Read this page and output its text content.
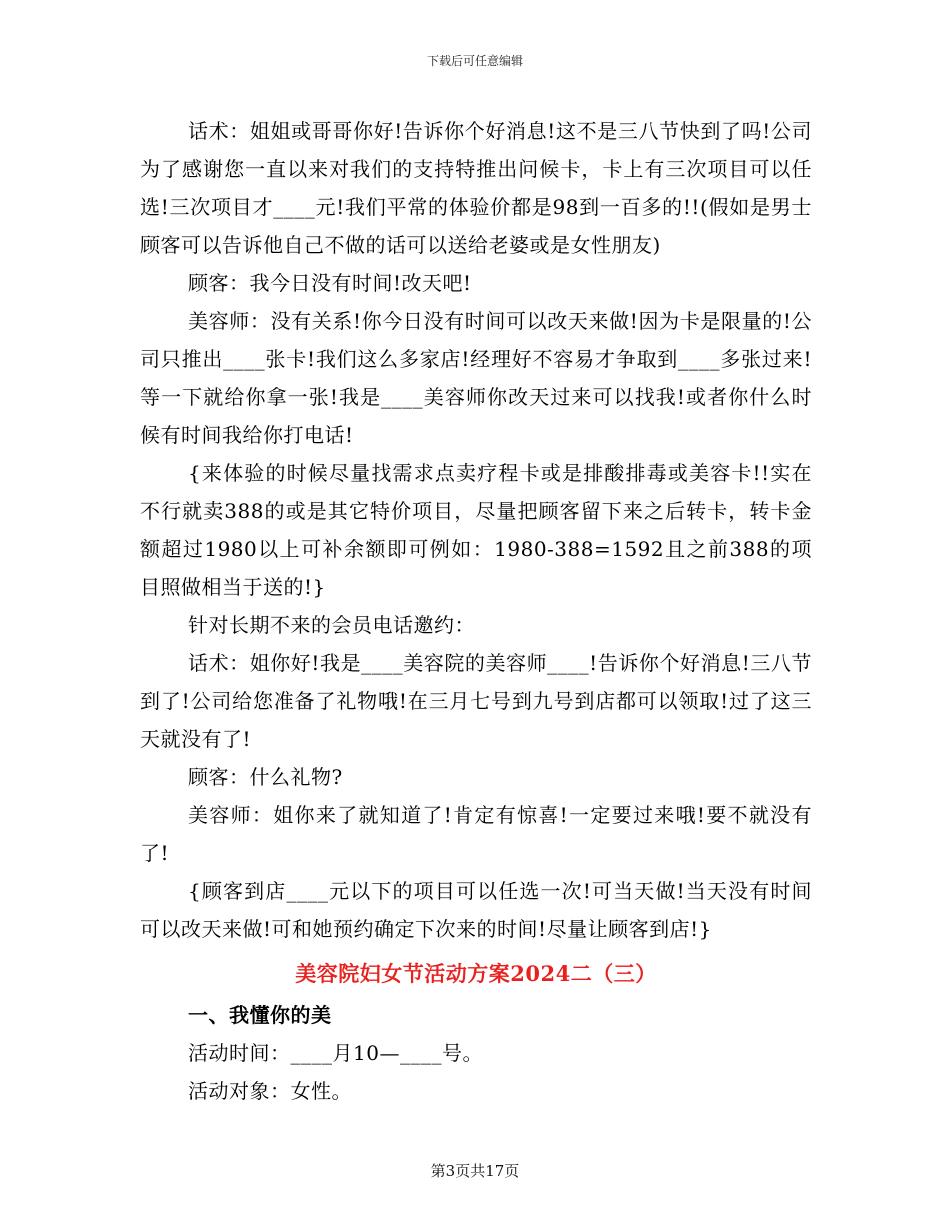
下载后可任意编辑

话术：姐姐或哥哥你好!告诉你个好消息!这不是三八节快到了吗!公司为了感谢您一直以来对我们的支持特推出问候卡，卡上有三次项目可以任选!三次项目才____元!我们平常的体验价都是98到一百多的!!(假如是男士顾客可以告诉他自己不做的话可以送给老婆或是女性朋友)

顾客：我今日没有时间!改天吧!

美容师：没有关系!你今日没有时间可以改天来做!因为卡是限量的!公司只推出____张卡!我们这么多家店!经理好不容易才争取到____多张过来!等一下就给你拿一张!我是____美容师你改天过来可以找我!或者你什么时候有时间我给你打电话!

{来体验的时候尽量找需求点卖疗程卡或是排酸排毒或美容卡!!实在不行就卖388的或是其它特价项目，尽量把顾客留下来之后转卡，转卡金额超过1980以上可补余额即可例如：1980-388=1592且之前388的项目照做相当于送的!}

针对长期不来的会员电话邀约：

话术：姐你好!我是____美容院的美容师____!告诉你个好消息!三八节到了!公司给您准备了礼物哦!在三月七号到九号到店都可以领取!过了这三天就没有了!

顾客：什么礼物?

美容师：姐你来了就知道了!肯定有惊喜!一定要过来哦!要不就没有了!

{顾客到店____元以下的项目可以任选一次!可当天做!当天没有时间可以改天来做!可和她预约确定下次来的时间!尽量让顾客到店!}

美容院妇女节活动方案2024二（三）

一、我懂你的美

活动时间：____月10—____号。

活动对象：女性。

第3页共17页
